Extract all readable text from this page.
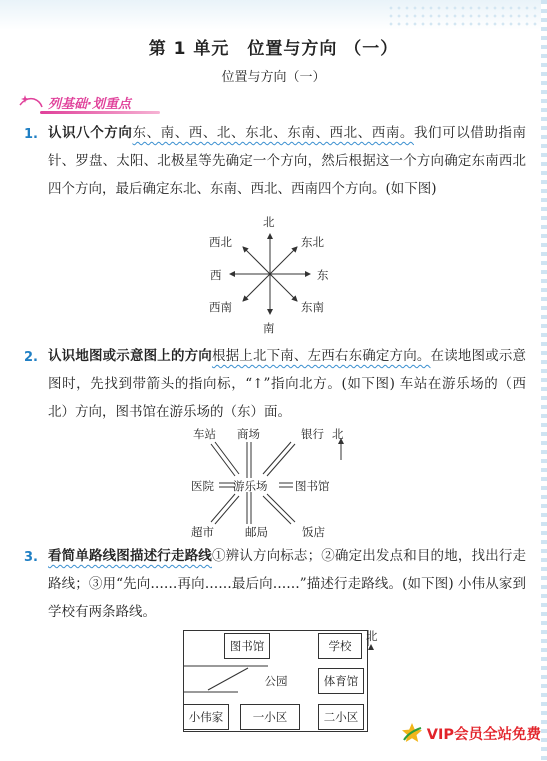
第 1 单元　位置与方向 （一）
位置与方向（一）
列基础·划重点
1. 认识八个方向东、南、西、北、东北、东南、西北、西南。我们可以借助指南针、罗盘、太阳、北极星等先确定一个方向，然后根据这一个方向确定东南西北四个方向，最后确定东北、东南、西北、西南四个方向。(如下图)
北
南
东
西
东北
西北
东南
西南
2. 认识地图或示意图上的方向根据上北下南、左西右东确定方向。在读地图或示意图时，先找到带箭头的指向标，“↑”指向北方。(如下图) 车站在游乐场的（西北）方向，图书馆在游乐场的（东）面。
游乐场
车站 商场	银行 北
医院	图书馆
超市	邮局	饭店
3. 看简单路线图描述行走路线①辨认方向标志；②确定出发点和目的地，找出行走路线；③用“先向……再向……最后向……”描述行走路线。(如下图) 小伟从家到学校有两条路线。
图书馆	学校
公园	体育馆
小伟家	一小区	二小区
北
VIP会员全站免费
